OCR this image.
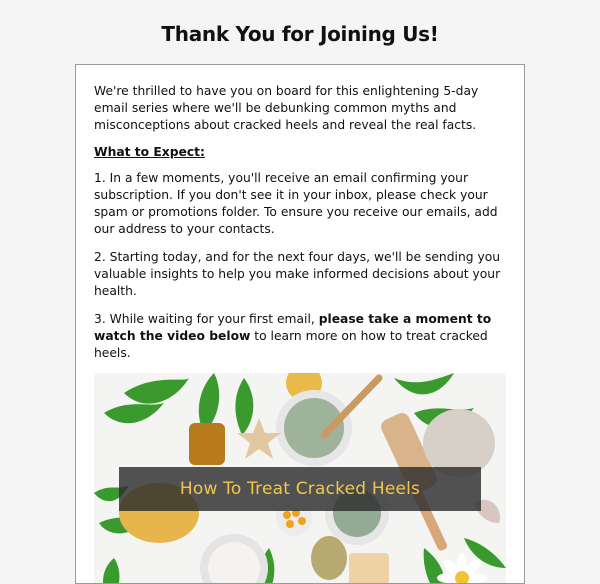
Thank You for Joining Us!

We're thrilled to have you on board for this enlightening 5-day email series where we'll be debunking common myths and misconceptions about cracked heels and reveal the real facts.

What to Expect:

1. In a few moments, you'll receive an email confirming your subscription. If you don't see it in your inbox, please check your spam or promotions folder. To ensure you receive our emails, add our address to your contacts.

2. Starting today, and for the next four days, we'll be sending you valuable insights to help you make informed decisions about your health.

3. While waiting for your first email, please take a moment to watch the video below to learn more on how to treat cracked heels.

How To Treat Cracked Heels
